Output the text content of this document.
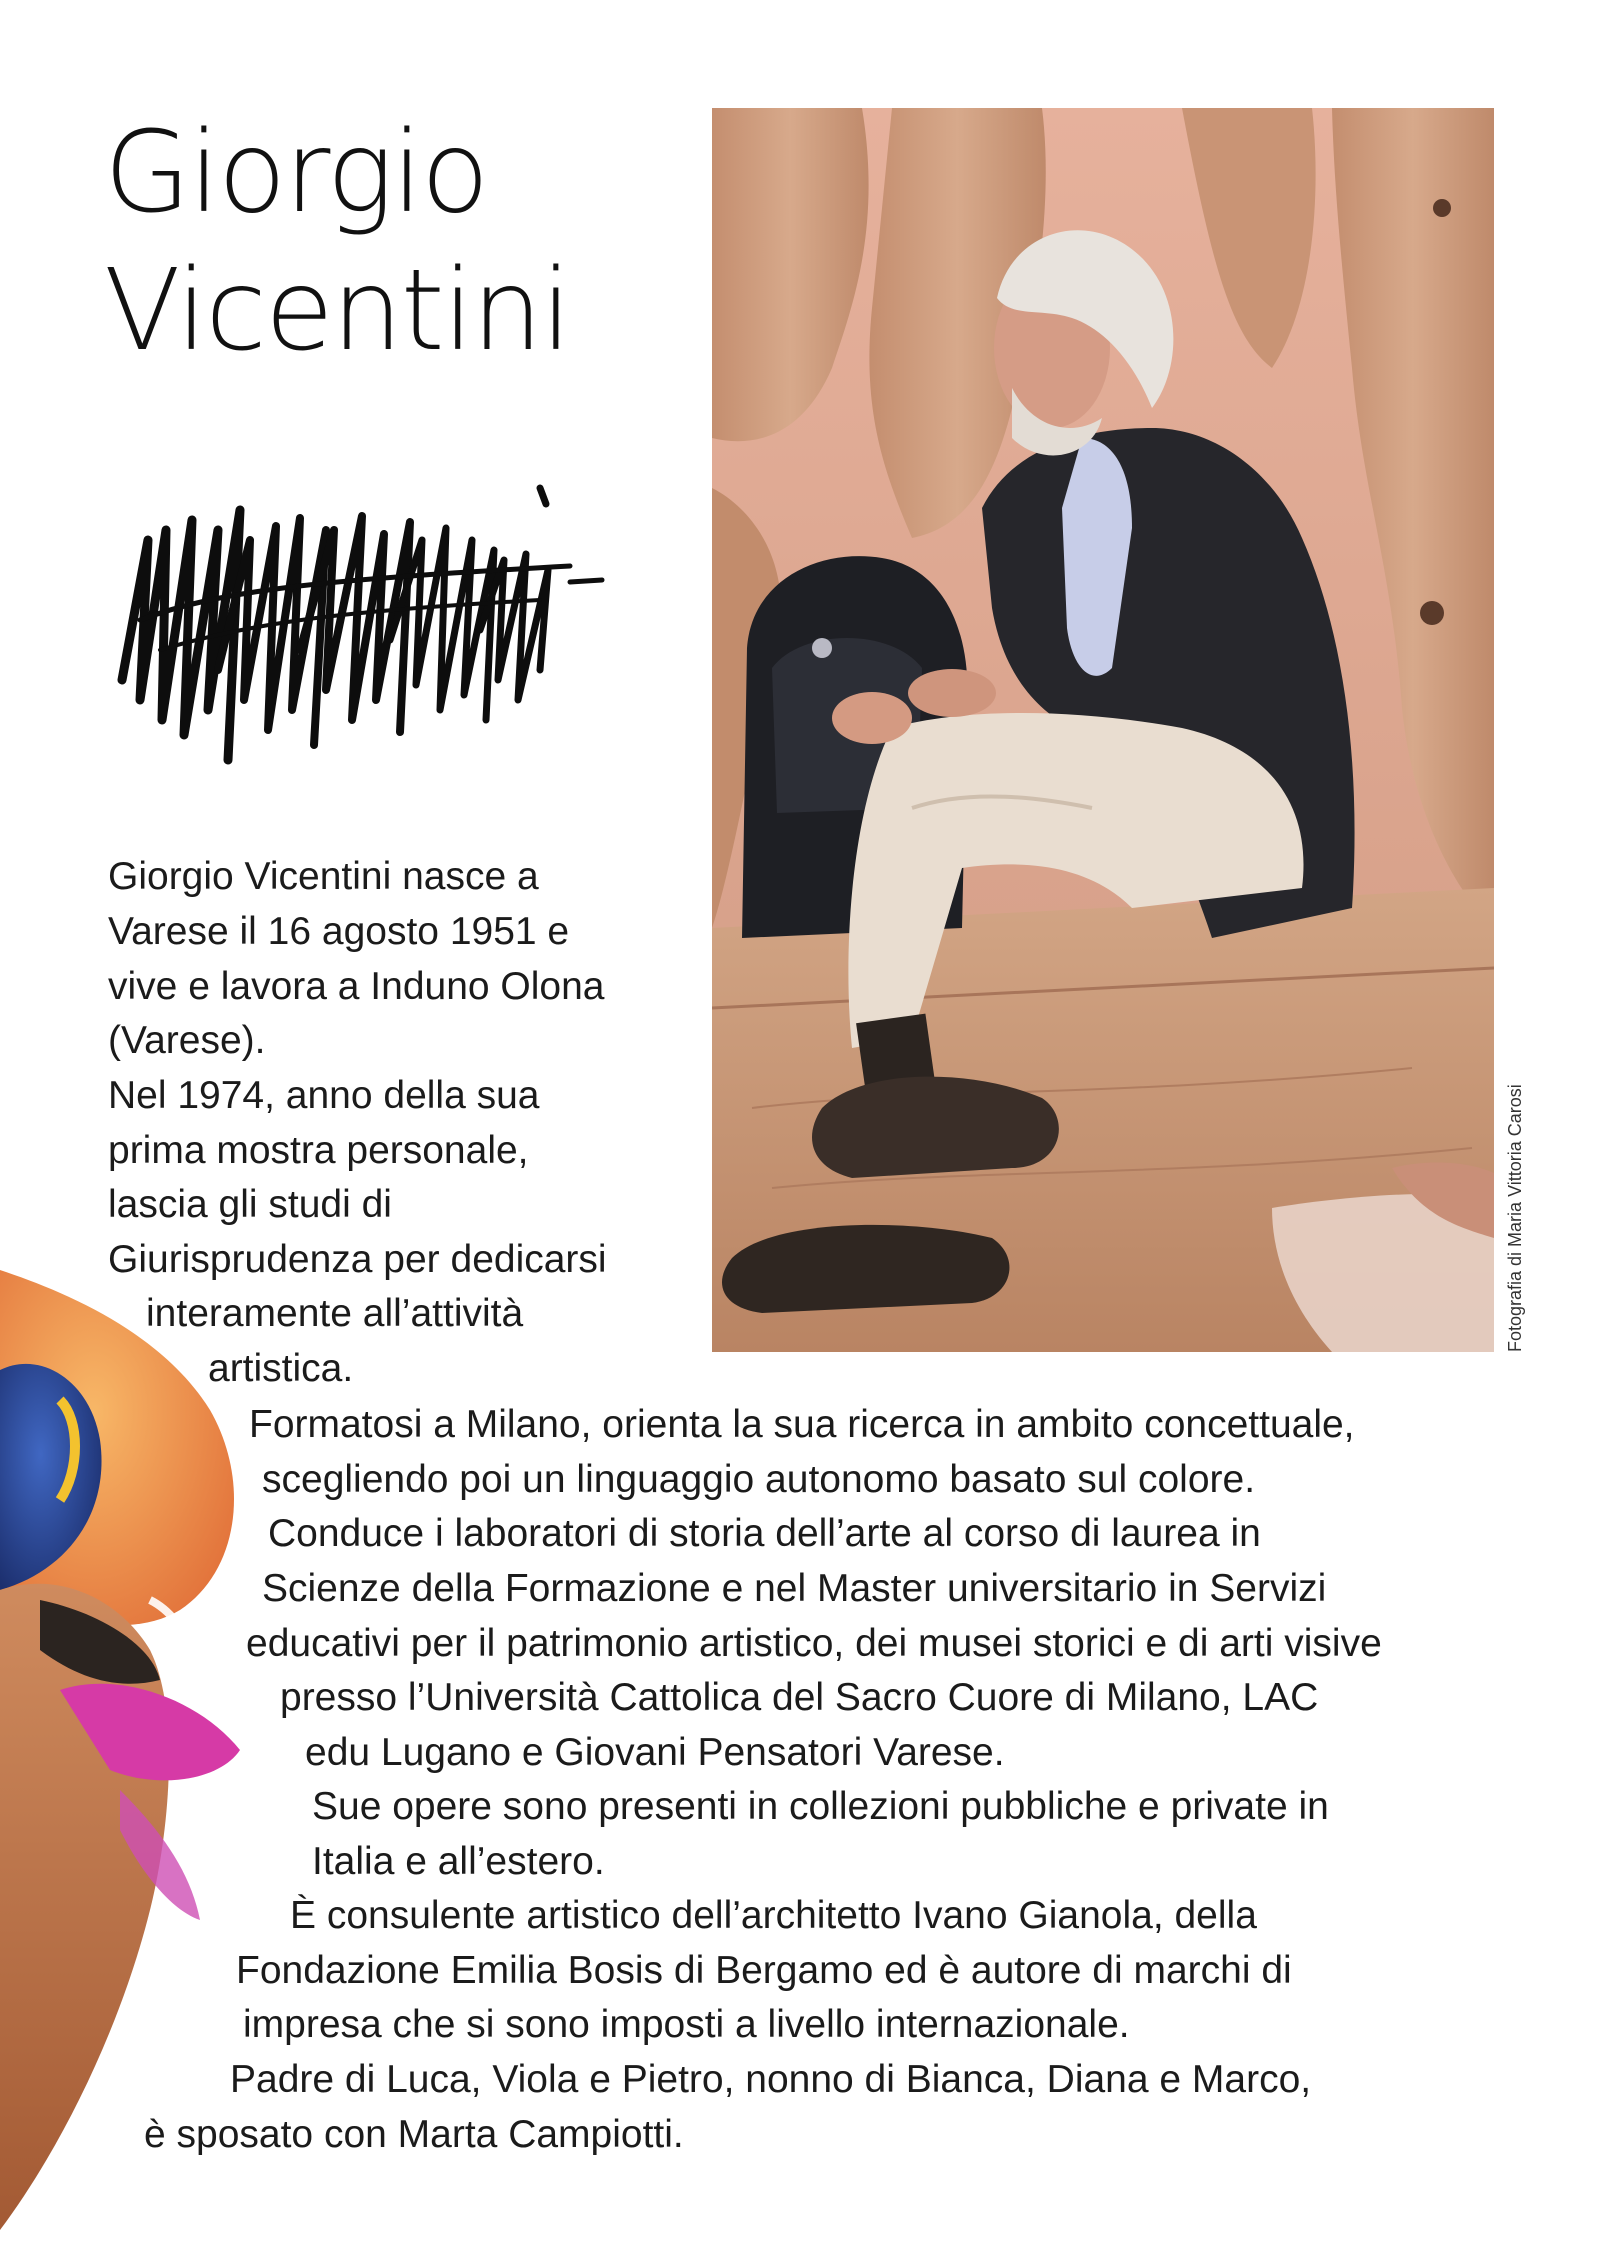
Giorgio
Vicentini
Fotografia di Maria Vittoria Carosi
Giorgio Vicentini nasce a
Varese il 16 agosto 1951 e
vive e lavora a Induno Olona
(Varese).
Nel 1974, anno della sua
prima mostra personale,
lascia gli studi di
Giurisprudenza per dedicarsi
interamente all’attività
artistica.
Formatosi a Milano, orienta la sua ricerca in ambito concettuale,
scegliendo poi un linguaggio autonomo basato sul colore.
Conduce i laboratori di storia dell’arte al corso di laurea in
Scienze della Formazione e nel Master universitario in Servizi
educativi per il patrimonio artistico, dei musei storici e di arti visive
presso l’Università Cattolica del Sacro Cuore di Milano, LAC
edu Lugano e Giovani Pensatori Varese.
Sue opere sono presenti in collezioni pubbliche e private in
Italia e all’estero.
È consulente artistico dell’architetto Ivano Gianola, della
Fondazione Emilia Bosis di Bergamo ed è autore di marchi di
impresa che si sono imposti a livello internazionale.
Padre di Luca, Viola e Pietro, nonno di Bianca, Diana e Marco,
è sposato con Marta Campiotti.
